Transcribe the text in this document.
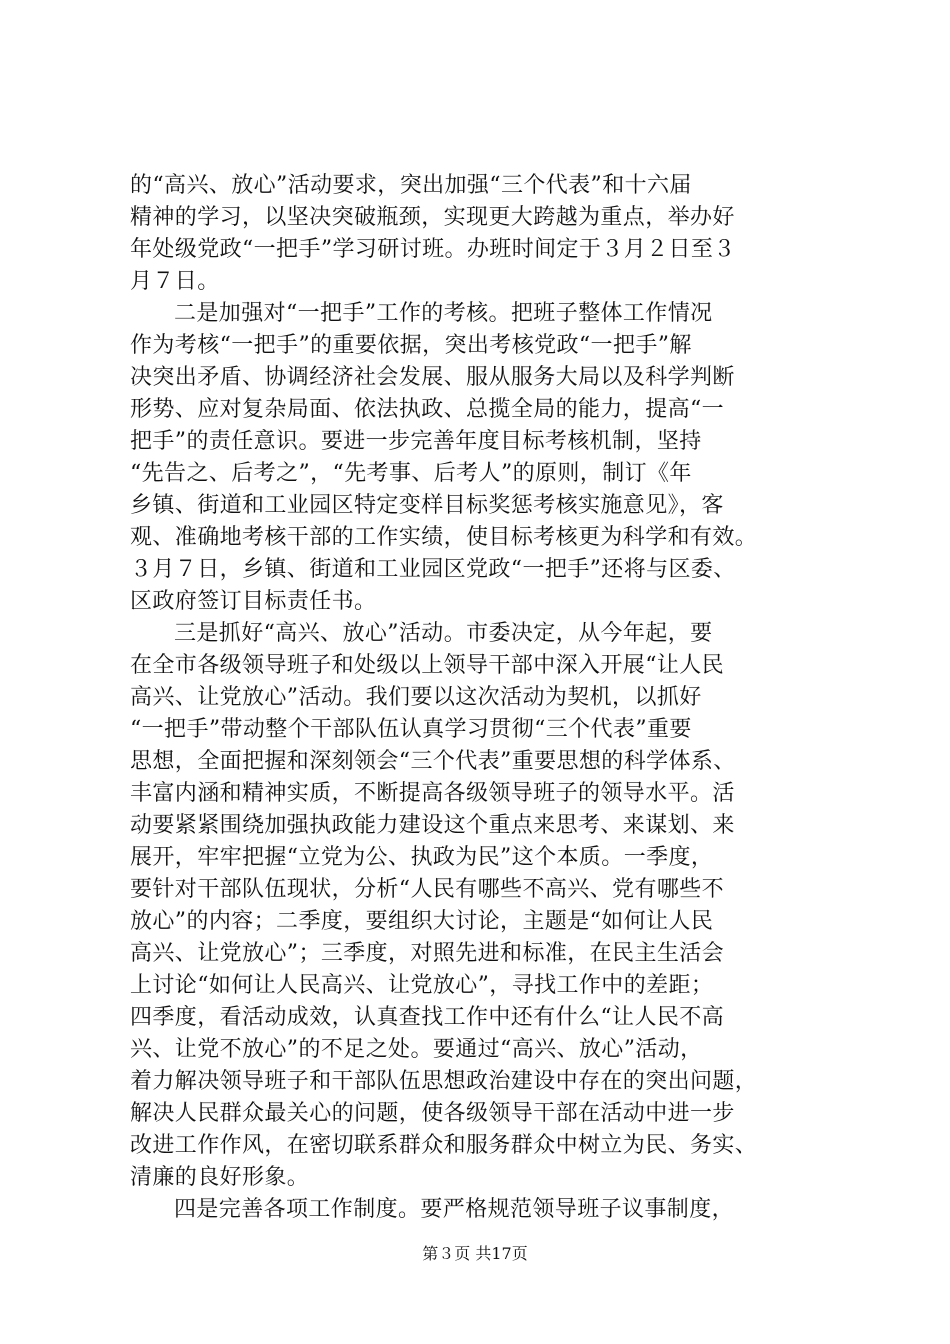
的“高兴、放心”活动要求，突出加强“三个代表”和十六届
精神的学习，以坚决突破瓶颈，实现更大跨越为重点，举办好
年处级党政“一把手”学习研讨班。办班时间定于３月２日至３
月７日。
二是加强对“一把手”工作的考核。把班子整体工作情况
作为考核“一把手”的重要依据，突出考核党政“一把手”解
决突出矛盾、协调经济社会发展、服从服务大局以及科学判断
形势、应对复杂局面、依法执政、总揽全局的能力，提高“一
把手”的责任意识。要进一步完善年度目标考核机制，坚持
“先告之、后考之”，“先考事、后考人”的原则，制订《年
乡镇、街道和工业园区特定变样目标奖惩考核实施意见》，客
观、准确地考核干部的工作实绩，使目标考核更为科学和有效。
３月７日，乡镇、街道和工业园区党政“一把手”还将与区委、
区政府签订目标责任书。
三是抓好“高兴、放心”活动。市委决定，从今年起，要
在全市各级领导班子和处级以上领导干部中深入开展“让人民
高兴、让党放心”活动。我们要以这次活动为契机，以抓好
“一把手”带动整个干部队伍认真学习贯彻“三个代表”重要
思想，全面把握和深刻领会“三个代表”重要思想的科学体系、
丰富内涵和精神实质，不断提高各级领导班子的领导水平。活
动要紧紧围绕加强执政能力建设这个重点来思考、来谋划、来
展开，牢牢把握“立党为公、执政为民”这个本质。一季度，
要针对干部队伍现状，分析“人民有哪些不高兴、党有哪些不
放心”的内容；二季度，要组织大讨论，主题是“如何让人民
高兴、让党放心”；三季度，对照先进和标准，在民主生活会
上讨论“如何让人民高兴、让党放心”，寻找工作中的差距；
四季度，看活动成效，认真查找工作中还有什么“让人民不高
兴、让党不放心”的不足之处。要通过“高兴、放心”活动，
着力解决领导班子和干部队伍思想政治建设中存在的突出问题，
解决人民群众最关心的问题，使各级领导干部在活动中进一步
改进工作作风，在密切联系群众和服务群众中树立为民、务实、
清廉的良好形象。
四是完善各项工作制度。要严格规范领导班子议事制度，
第３页 共17页
